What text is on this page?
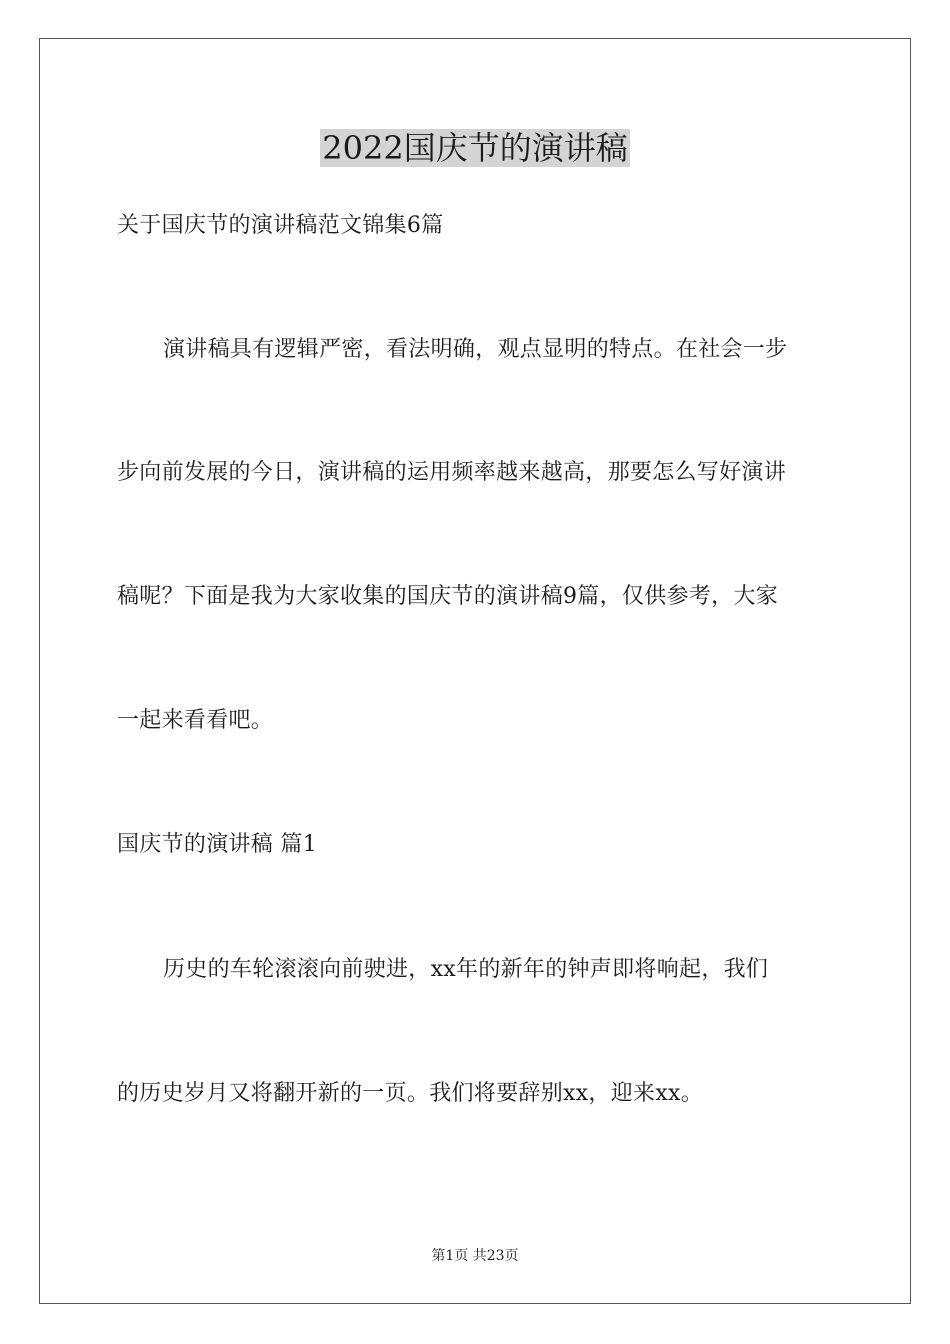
2022国庆节的演讲稿

关于国庆节的演讲稿范文锦集6篇

演讲稿具有逻辑严密，看法明确，观点显明的特点。在社会一步

步向前发展的今日，演讲稿的运用频率越来越高，那要怎么写好演讲

稿呢？下面是我为大家收集的国庆节的演讲稿9篇，仅供参考，大家

一起来看看吧。

国庆节的演讲稿 篇1

历史的车轮滚滚向前驶进，xx年的新年的钟声即将响起，我们

的历史岁月又将翻开新的一页。我们将要辞别xx，迎来xx。

第1页 共23页
